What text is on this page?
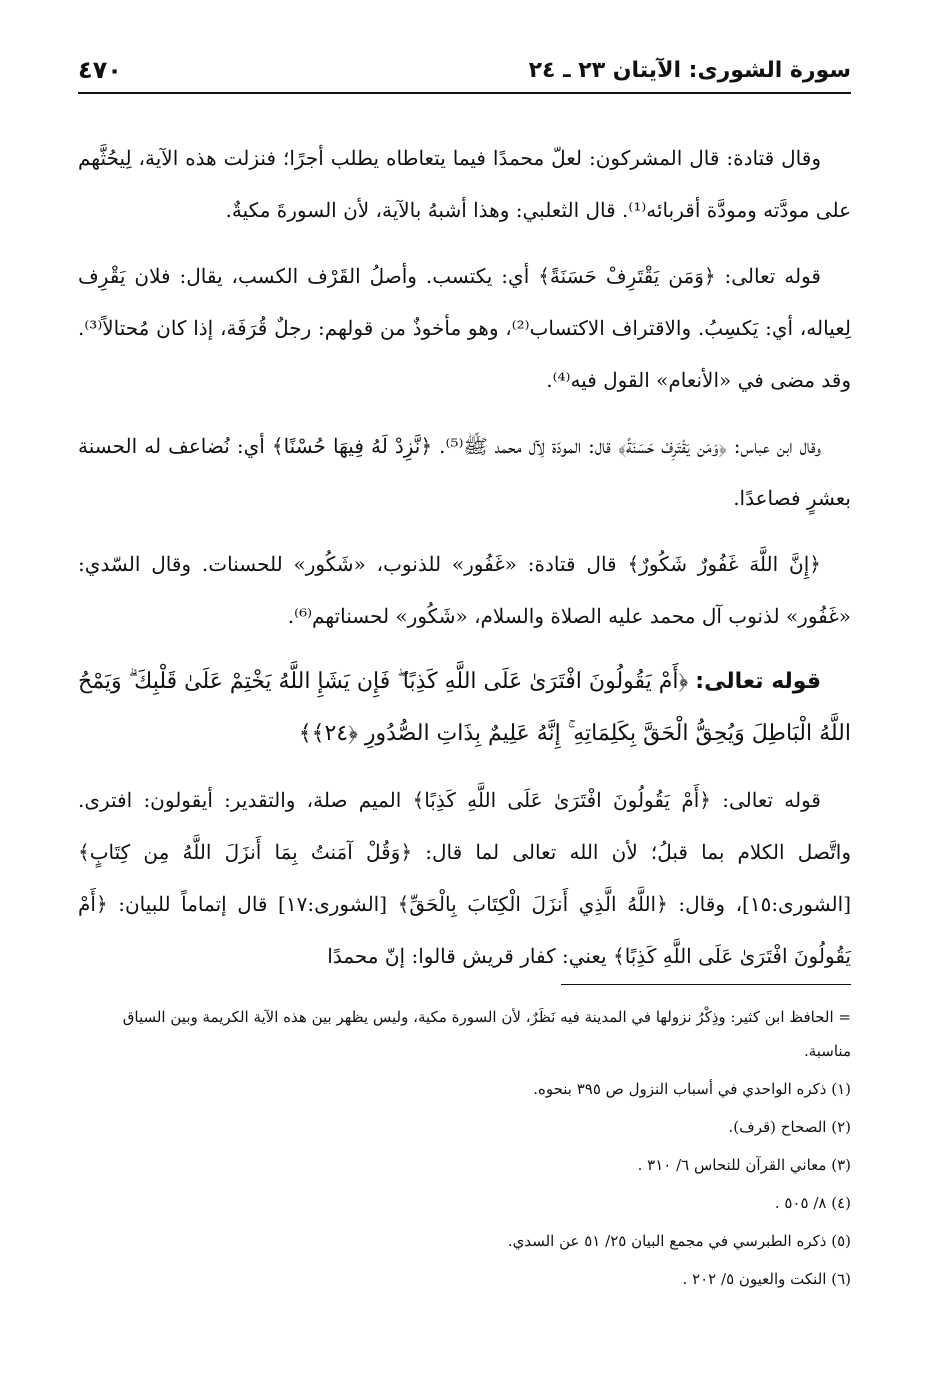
سورة الشورى: الآيتان ٢٣ ـ ٢٤
٤٧٠

وقال قتادة: قال المشركون: لعلّ محمدًا فيما يتعاطاه يطلب أجرًا؛ فنزلت هذه الآية، لِيحُثَّهم على مودَّته ومودَّة أقربائه⁽¹⁾. قال الثعلبي: وهذا أشبهُ بالآية، لأن السورةَ مكيةٌ.

قوله تعالى: ﴿وَمَن يَقْتَرِفْ حَسَنَةً﴾ أي: يكتسب. وأصلُ القَرْف الكسب، يقال: فلان يَقْرِف لِعياله، أي: يَكسِبُ. والاقتراف الاكتساب⁽²⁾، وهو مأخوذٌ من قولهم: رجلٌ قُرَفَة، إذا كان مُحتالاً⁽³⁾. وقد مضى في «الأنعام» القول فيه⁽⁴⁾.

وقال ابن عباس: ﴿وَمَن يَقْتَرِفْ حَسَنَةً﴾ قال: المودّة لِآل محمد ﷺ⁽⁵⁾. ﴿نَّزِدْ لَهُ فِيهَا حُسْنًا﴾ أي: نُضاعف له الحسنة بعشرٍ فصاعدًا.

﴿إِنَّ اللَّهَ غَفُورٌ شَكُورٌ﴾ قال قتادة: «غَفُور» للذنوب، «شَكُور» للحسنات. وقال السّدي: «غَفُور» لذنوب آل محمد عليه الصلاة والسلام، «شَكُور» لحسناتهم⁽⁶⁾.

قوله تعالى: ﴿أَمْ يَقُولُونَ افْتَرَىٰ عَلَى اللَّهِ كَذِبًا ۖ فَإِن يَشَإِ اللَّهُ يَخْتِمْ عَلَىٰ قَلْبِكَ ۗ وَيَمْحُ اللَّهُ الْبَاطِلَ وَيُحِقُّ الْحَقَّ بِكَلِمَاتِهِ ۚ إِنَّهُ عَلِيمٌ بِذَاتِ الصُّدُورِ ﴿٢٤﴾﴾

قوله تعالى: ﴿أَمْ يَقُولُونَ افْتَرَىٰ عَلَى اللَّهِ كَذِبًا﴾ الميم صلة، والتقدير: أيقولون: افترى. واتَّصل الكلام بما قبلُ؛ لأن الله تعالى لما قال: ﴿وَقُلْ آمَنتُ بِمَا أَنزَلَ اللَّهُ مِن كِتَابٍ﴾ [الشورى:١٥]، وقال: ﴿اللَّهُ الَّذِي أَنزَلَ الْكِتَابَ بِالْحَقِّ﴾ [الشورى:١٧] قال إتماماً للبيان: ﴿أَمْ يَقُولُونَ افْتَرَىٰ عَلَى اللَّهِ كَذِبًا﴾ يعني: كفار قريش قالوا: إنّ محمدًا

= الحافظ ابن كثير: وذِكْرُ نزولها في المدينة فيه نَظَرٌ، لأن السورة مكية، وليس يظهر بين هذه الآية الكريمة وبين السياق مناسبة.

(١) ذكره الواحدي في أسباب النزول ص ٣٩٥ بنحوه.

(٢) الصحاح (قرف).

(٣) معاني القرآن للنحاس ٦/ ٣١٠ .

(٤) ٨/ ٥٠٥ .

(٥) ذكره الطبرسي في مجمع البيان ٢٥/ ٥١ عن السدي.

(٦) النكت والعيون ٥/ ٢٠٢ .
